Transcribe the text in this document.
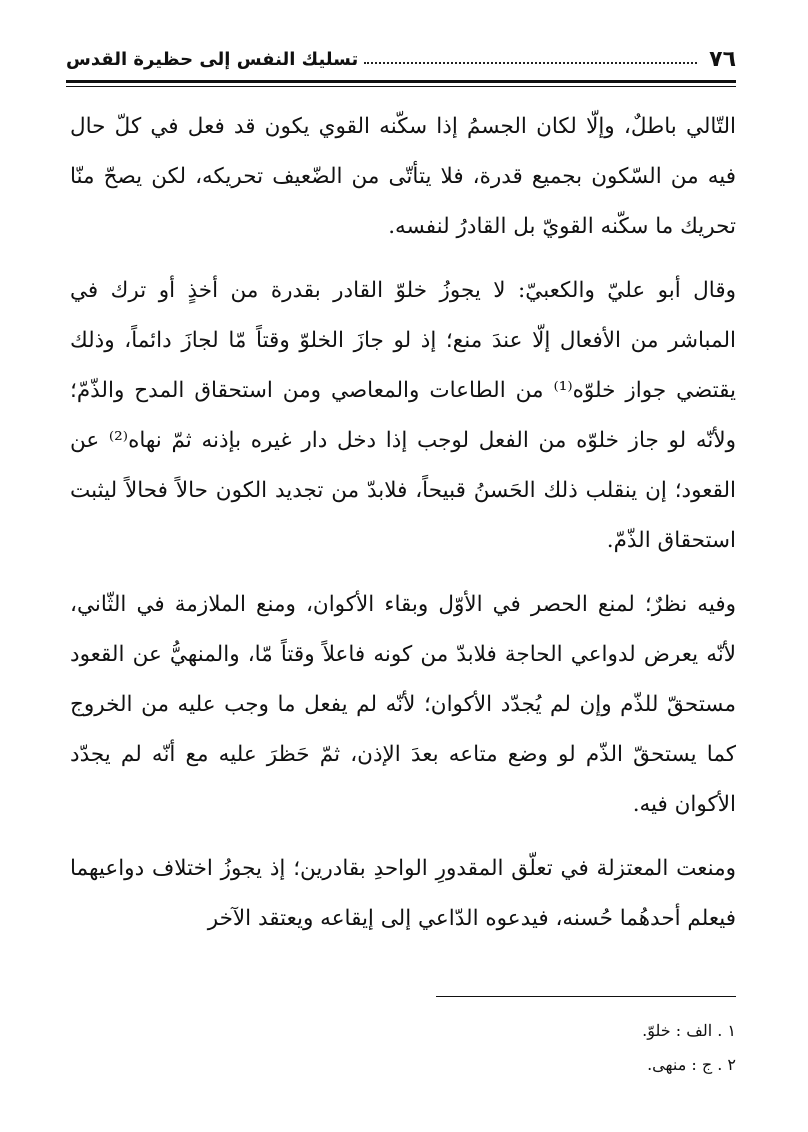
٧٦
تسليك النفس إلى حظيرة القدس

التّالي باطلٌ، وإلّا لكان الجسمُ إذا سكّنه القوي يكون قد فعل في كلّ حال فيه من السّكون بجميع قدرة، فلا يتأتّى من الضّعيف تحريكه، لكن يصحّ منّا تحريك ما سكّنه القويّ بل القادرُ لنفسه.

وقال أبو عليّ والكعبيّ: لا يجوزُ خلوّ القادر بقدرة من أخذٍ أو ترك في المباشر من الأفعال إلّا عندَ منع؛ إذ لو جازَ الخلوّ وقتاً مّا لجازَ دائماً، وذلك يقتضي جواز خلوّه⁽¹⁾ من الطاعات والمعاصي ومن استحقاق المدح والذّمّ؛ ولأنّه لو جاز خلوّه من الفعل لوجب إذا دخل دار غيره بإذنه ثمّ نهاه⁽²⁾ عن القعود؛ إن ينقلب ذلك الحَسنُ قبيحاً، فلابدّ من تجديد الكون حالاً فحالاً ليثبت استحقاق الذّمّ.

وفيه نظرٌ؛ لمنع الحصر في الأوّل وبقاء الأكوان، ومنع الملازمة في الثّاني، لأنّه يعرض لدواعي الحاجة فلابدّ من كونه فاعلاً وقتاً مّا، والمنهيُّ عن القعود مستحقّ للذّم وإن لم يُجدّد الأكوان؛ لأنّه لم يفعل ما وجب عليه من الخروج كما يستحقّ الذّم لو وضع متاعه بعدَ الإذن، ثمّ حَظرَ عليه مع أنّه لم يجدّد الأكوان فيه.

ومنعت المعتزلة في تعلّق المقدورِ الواحدِ بقادرين؛ إذ يجوزُ اختلاف دواعيهما فيعلم أحدهُما حُسنه، فيدعوه الدّاعي إلى إيقاعه ويعتقد الآخر

١ . الف : خلوّ.

٢ . ج : منهى.
